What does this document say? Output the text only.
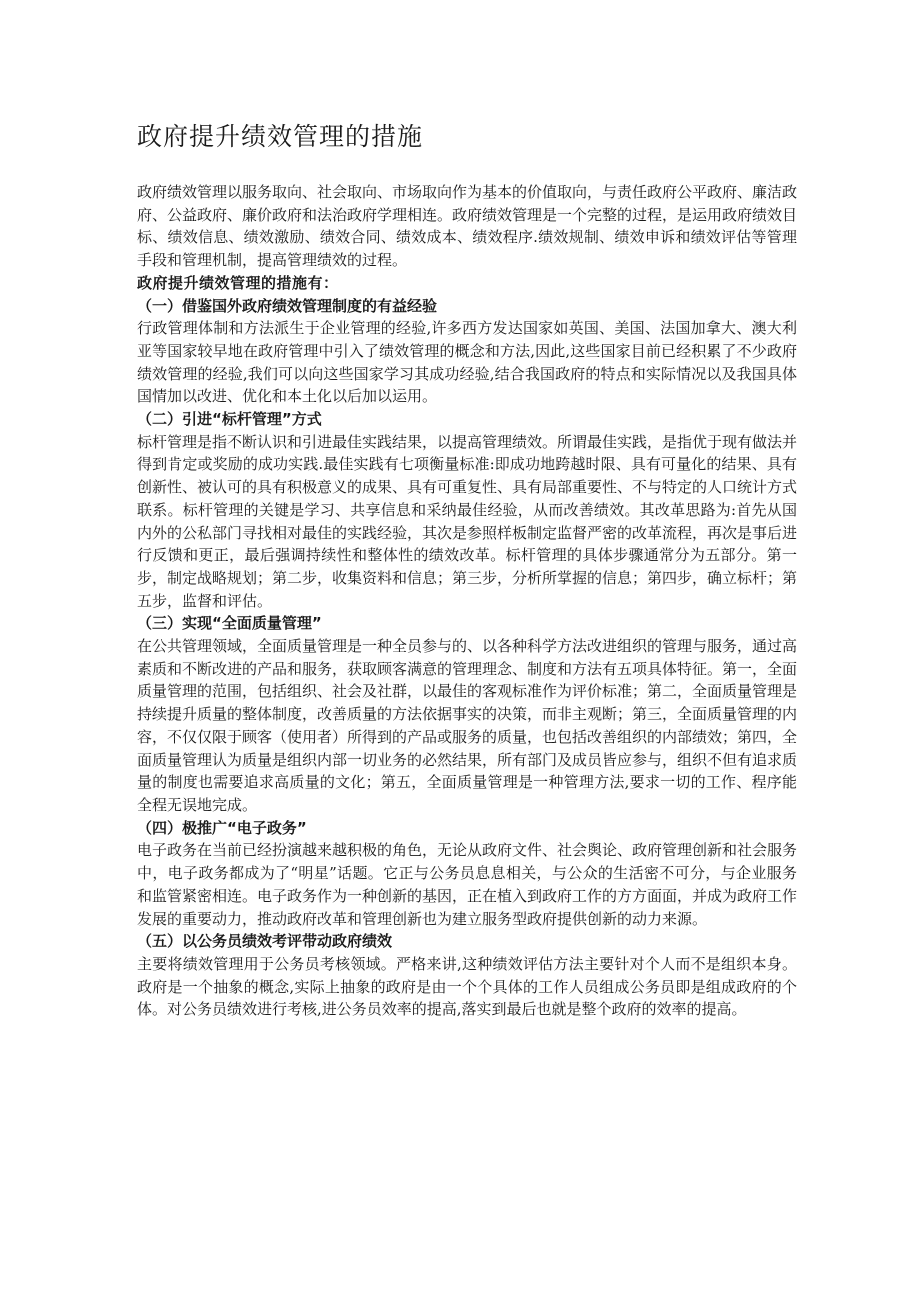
政府提升绩效管理的措施

政府绩效管理以服务取向、社会取向、市场取向作为基本的价值取向，与责任政府公平政府、廉洁政府、公益政府、廉价政府和法治政府学理相连。政府绩效管理是一个完整的过程，是运用政府绩效目标、绩效信息、绩效激励、绩效合同、绩效成本、绩效程序.绩效规制、绩效申诉和绩效评估等管理手段和管理机制，提高管理绩效的过程。

政府提升绩效管理的措施有：

（一）借鉴国外政府绩效管理制度的有益经验

行政管理体制和方法派生于企业管理的经验,许多西方发达国家如英国、美国、法国加拿大、澳大利亚等国家较早地在政府管理中引入了绩效管理的概念和方法,因此,这些国家目前已经积累了不少政府绩效管理的经验,我们可以向这些国家学习其成功经验,结合我国政府的特点和实际情况以及我国具体国情加以改进、优化和本土化以后加以运用。

（二）引进“标杆管理”方式

标杆管理是指不断认识和引进最佳实践结果，以提高管理绩效。所谓最佳实践，是指优于现有做法并得到肯定或奖励的成功实践.最佳实践有七项衡量标准:即成功地跨越时限、具有可量化的结果、具有创新性、被认可的具有积极意义的成果、具有可重复性、具有局部重要性、不与特定的人口统计方式联系。标杆管理的关键是学习、共享信息和采纳最佳经验，从而改善绩效。其改革思路为:首先从国内外的公私部门寻找相对最佳的实践经验，其次是参照样板制定监督严密的改革流程，再次是事后进行反馈和更正，最后强调持续性和整体性的绩效改革。标杆管理的具体步骤通常分为五部分。第一步，制定战略规划；第二步，收集资料和信息；第三步，分析所掌握的信息；第四步，确立标杆；第五步，监督和评估。

（三）实现“全面质量管理”

在公共管理领域，全面质量管理是一种全员参与的、以各种科学方法改进组织的管理与服务，通过高素质和不断改进的产品和服务，获取顾客满意的管理理念、制度和方法有五项具体特征。第一，全面质量管理的范围，包括组织、社会及社群，以最佳的客观标准作为评价标准；第二，全面质量管理是持续提升质量的整体制度，改善质量的方法依据事实的决策，而非主观断；第三，全面质量管理的内容，不仅仅限于顾客（使用者）所得到的产品或服务的质量，也包括改善组织的内部绩效；第四，全面质量管理认为质量是组织内部一切业务的必然结果，所有部门及成员皆应参与，组织不但有追求质量的制度也需要追求高质量的文化；第五，全面质量管理是一种管理方法,要求一切的工作、程序能全程无误地完成。

（四）极推广“电子政务”

电子政务在当前已经扮演越来越积极的角色，无论从政府文件、社会舆论、政府管理创新和社会服务中，电子政务都成为了“明星”话题。它正与公务员息息相关，与公众的生活密不可分，与企业服务和监管紧密相连。电子政务作为一种创新的基因，正在植入到政府工作的方方面面，并成为政府工作发展的重要动力，推动政府改革和管理创新也为建立服务型政府提供创新的动力来源。

（五）以公务员绩效考评带动政府绩效

主要将绩效管理用于公务员考核领域。严格来讲,这种绩效评估方法主要针对个人而不是组织本身。政府是一个抽象的概念,实际上抽象的政府是由一个个具体的工作人员组成公务员即是组成政府的个体。对公务员绩效进行考核,进公务员效率的提高,落实到最后也就是整个政府的效率的提高。
